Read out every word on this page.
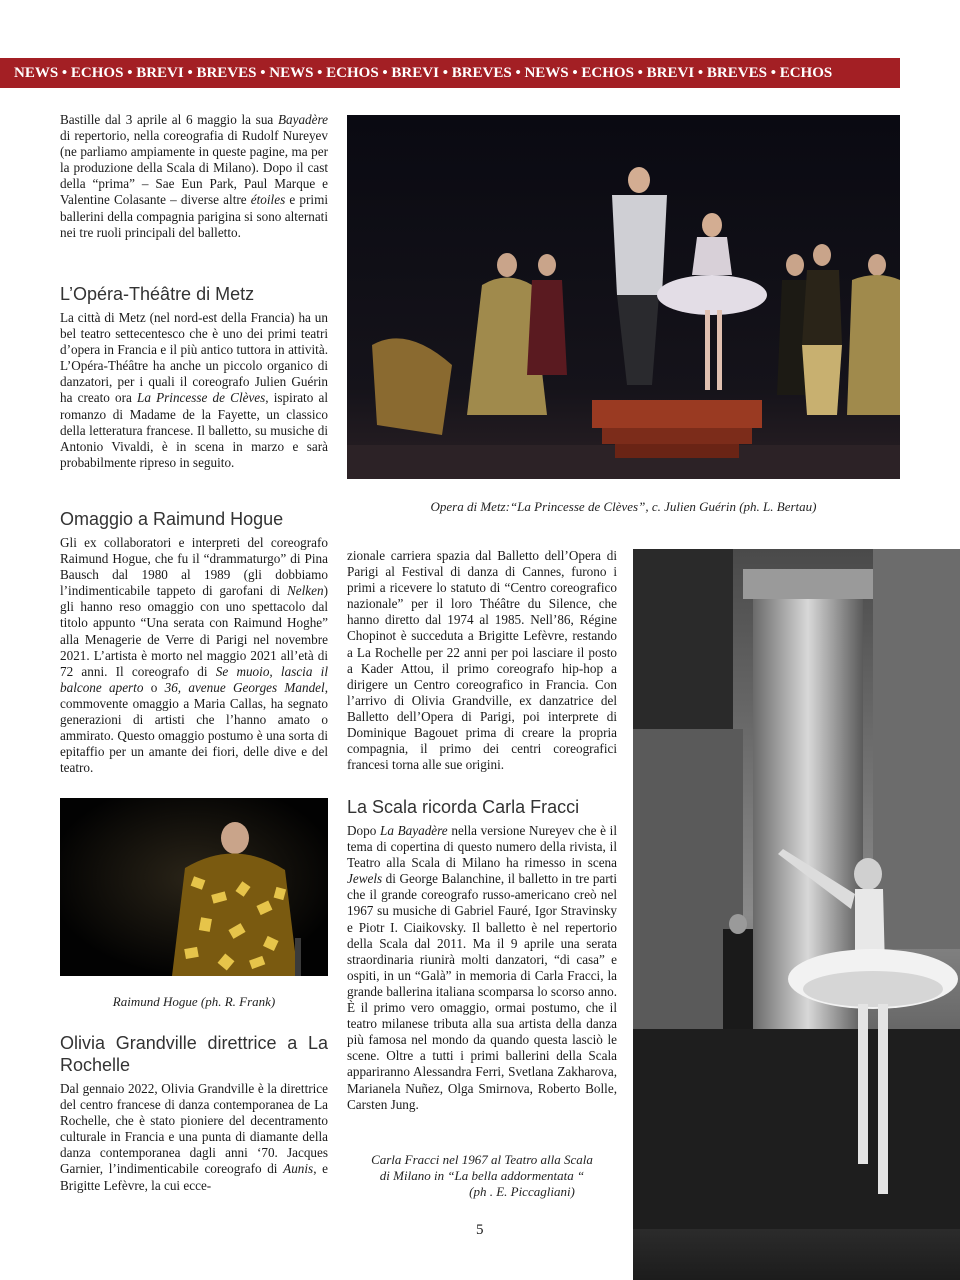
NEWS • ECHOS • BREVI • BREVES • NEWS • ECHOS • BREVI • BREVES • NEWS • ECHOS • BREVI • BREVES • ECHOS

Bastille dal 3 aprile al 6 maggio la sua Bayadère di repertorio, nella coreografia di Rudolf Nureyev (ne parliamo ampiamente in queste pagine, ma per la produzione della Scala di Milano). Dopo il cast della “prima” – Sae Eun Park, Paul Marque e Valentine Colasante – diverse altre étoiles e primi ballerini della compagnia parigina si sono alternati nei tre ruoli principali del balletto.

L’Opéra-Théâtre di Metz

La città di Metz (nel nord-est della Francia) ha un bel teatro settecentesco che è uno dei primi teatri d’opera in Francia e il più antico tuttora in attività. L’Opéra-Théâtre ha anche un piccolo organico di danzatori, per i quali il coreografo Julien Guérin ha creato ora La Princesse de Clèves, ispirato al romanzo di Madame de la Fayette, un classico della letteratura francese. Il balletto, su musiche di Antonio Vivaldi, è in scena in marzo e sarà probabilmente ripreso in seguito.

Omaggio a Raimund Hogue

Gli ex collaboratori e interpreti del coreografo Raimund Hogue, che fu il “drammaturgo” di Pina Bausch dal 1980 al 1989 (gli dobbiamo l’indimenticabile tappeto di garofani di Nelken) gli hanno reso omaggio con uno spettacolo dal titolo appunto “Una serata con Raimund Hoghe” alla Menagerie de Verre di Parigi nel novembre 2021. L’artista è morto nel maggio 2021 all’età di 72 anni. Il coreografo di Se muoio, lascia il balcone aperto o 36, avenue Georges Mandel, commovente omaggio a Maria Callas, ha segnato generazioni di artisti che l’hanno amato o ammirato. Questo omaggio postumo è una sorta di epitaffio per un amante dei fiori, delle dive e del teatro.

Raimund Hogue (ph. R. Frank)
Olivia Grandville direttrice a La Rochelle

Dal gennaio 2022, Olivia Grandville è la direttrice del centro francese di danza contemporanea de La Rochelle, che è stato pioniere del decentramento culturale in Francia e una punta di diamante della danza contemporanea dagli anni ‘70. Jacques Garnier, l’indimenticabile coreografo di Aunis, e Brigitte Lefèvre, la cui ecce-

Opera di Metz:“La Princesse de Clèves”, c. Julien Guérin (ph. L. Bertau)

zionale carriera spazia dal Balletto dell’Opera di Parigi al Festival di danza di Cannes, furono i primi a ricevere lo statuto di “Centro coreografico nazionale” per il loro Théâtre du Silence, che hanno diretto dal 1974 al 1985. Nell’86, Régine Chopinot è succeduta a Brigitte Lefèvre, restando a La Rochelle per 22 anni per poi lasciare il posto a Kader Attou, il primo coreografo hip-hop a dirigere un Centro coreografico in Francia. Con l’arrivo di Olivia Grandville, ex danzatrice del Balletto dell’Opera di Parigi, poi interprete di Dominique Bagouet prima di creare la propria compagnia, il primo dei centri coreografici francesi torna alle sue origini.

La Scala ricorda Carla Fracci

Dopo La Bayadère nella versione Nureyev che è il tema di copertina di questo numero della rivista, il Teatro alla Scala di Milano ha rimesso in scena Jewels di George Balanchine, il balletto in tre parti che il grande coreografo russo-americano creò nel 1967 su musiche di Gabriel Fauré, Igor Stravinsky e Piotr I. Ciaikovsky. Il balletto è nel repertorio della Scala dal 2011. Ma il 9 aprile una serata straordinaria riunirà molti danzatori, “di casa” e ospiti, in un “Galà” in memoria di Carla Fracci, la grande ballerina italiana scomparsa lo scorso anno. È il primo vero omaggio, ormai postumo, che il teatro milanese tributa alla sua artista della danza più famosa nel mondo da quando questa lasciò le scene. Oltre a tutti i primi ballerini della Scala appariranno Alessandra Ferri, Svetlana Zakharova, Marianela Nuñez, Olga Smirnova, Roberto Bolle, Carsten Jung.

Carla Fracci nel 1967 al Teatro alla Scala
di Milano in “La bella addormentata “
(ph . E. Piccagliani)
5
